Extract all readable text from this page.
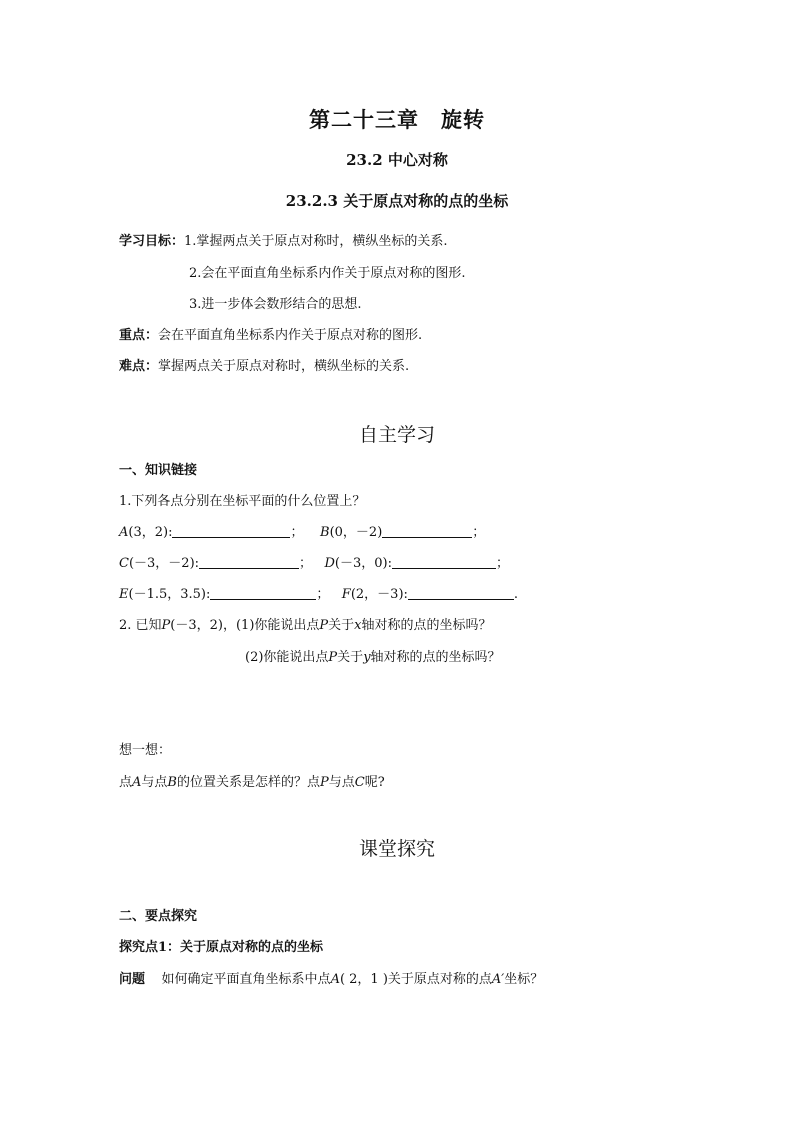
第二十三章　旋转
23.2 中心对称
23.2.3 关于原点对称的点的坐标
学习目标：1.掌握两点关于原点对称时，横纵坐标的关系.
2.会在平面直角坐标系内作关于原点对称的图形.
3.进一步体会数形结合的思想.
重点：会在平面直角坐标系内作关于原点对称的图形.
难点：掌握两点关于原点对称时，横纵坐标的关系.
自主学习
一、知识链接
1.下列各点分别在坐标平面的什么位置上？
A(3，2):	； B(0，－2)	；
C(－3，－2):	； D(－3，0):	；
E(－1.5，3.5):	； F(2，－3):	.
2. 已知P(－3，2)，(1)你能说出点P关于x轴对称的点的坐标吗？
(2)你能说出点P关于y轴对称的点的坐标吗？
想一想：
点A与点B的位置关系是怎样的？点P与点C呢?
课堂探究
二、要点探究
探究点1：关于原点对称的点的坐标
问题 如何确定平面直角坐标系中点A( 2，1 )关于原点对称的点A′坐标？
